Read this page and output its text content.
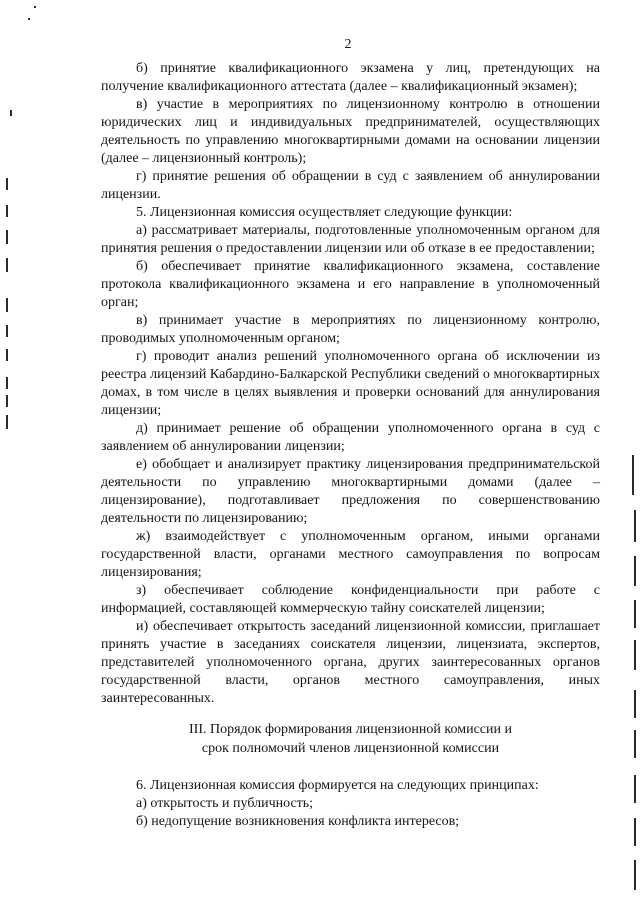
2

б) принятие квалификационного экзамена у лиц, претендующих на получение квалификационного аттестата (далее – квалификационный экзамен);

в) участие в мероприятиях по лицензионному контролю в отношении юридических лиц и индивидуальных предпринимателей, осуществляющих деятельность по управлению многоквартирными домами на основании лицензии (далее – лицензионный контроль);

г) принятие решения об обращении в суд с заявлением об аннулировании лицензии.

5. Лицензионная комиссия осуществляет следующие функции:

а) рассматривает материалы, подготовленные уполномоченным органом для принятия решения о предоставлении лицензии или об отказе в ее предоставлении;

б) обеспечивает принятие квалификационного экзамена, составление протокола квалификационного экзамена и его направление в уполномоченный орган;

в) принимает участие в мероприятиях по лицензионному контролю, проводимых уполномоченным органом;

г) проводит анализ решений уполномоченного органа об исключении из реестра лицензий Кабардино-Балкарской Республики сведений о многоквартирных домах, в том числе в целях выявления и проверки оснований для аннулирования лицензии;

д) принимает решение об обращении уполномоченного органа в суд с заявлением об аннулировании лицензии;

е) обобщает и анализирует практику лицензирования предпринимательской деятельности по управлению многоквартирными домами (далее – лицензирование), подготавливает предложения по совершенствованию деятельности по лицензированию;

ж) взаимодействует с уполномоченным органом, иными органами государственной власти, органами местного самоуправления по вопросам лицензирования;

з) обеспечивает соблюдение конфиденциальности при работе с информацией, составляющей коммерческую тайну соискателей лицензии;

и) обеспечивает открытость заседаний лицензионной комиссии, приглашает принять участие в заседаниях соискателя лицензии, лицензиата, экспертов, представителей уполномоченного органа, других заинтересованных органов государственной власти, органов местного самоуправления, иных заинтересованных.

III. Порядок формирования лицензионной комиссии и

срок полномочий членов лицензионной комиссии

6. Лицензионная комиссия формируется на следующих принципах:

а) открытость и публичность;

б) недопущение возникновения конфликта интересов;
